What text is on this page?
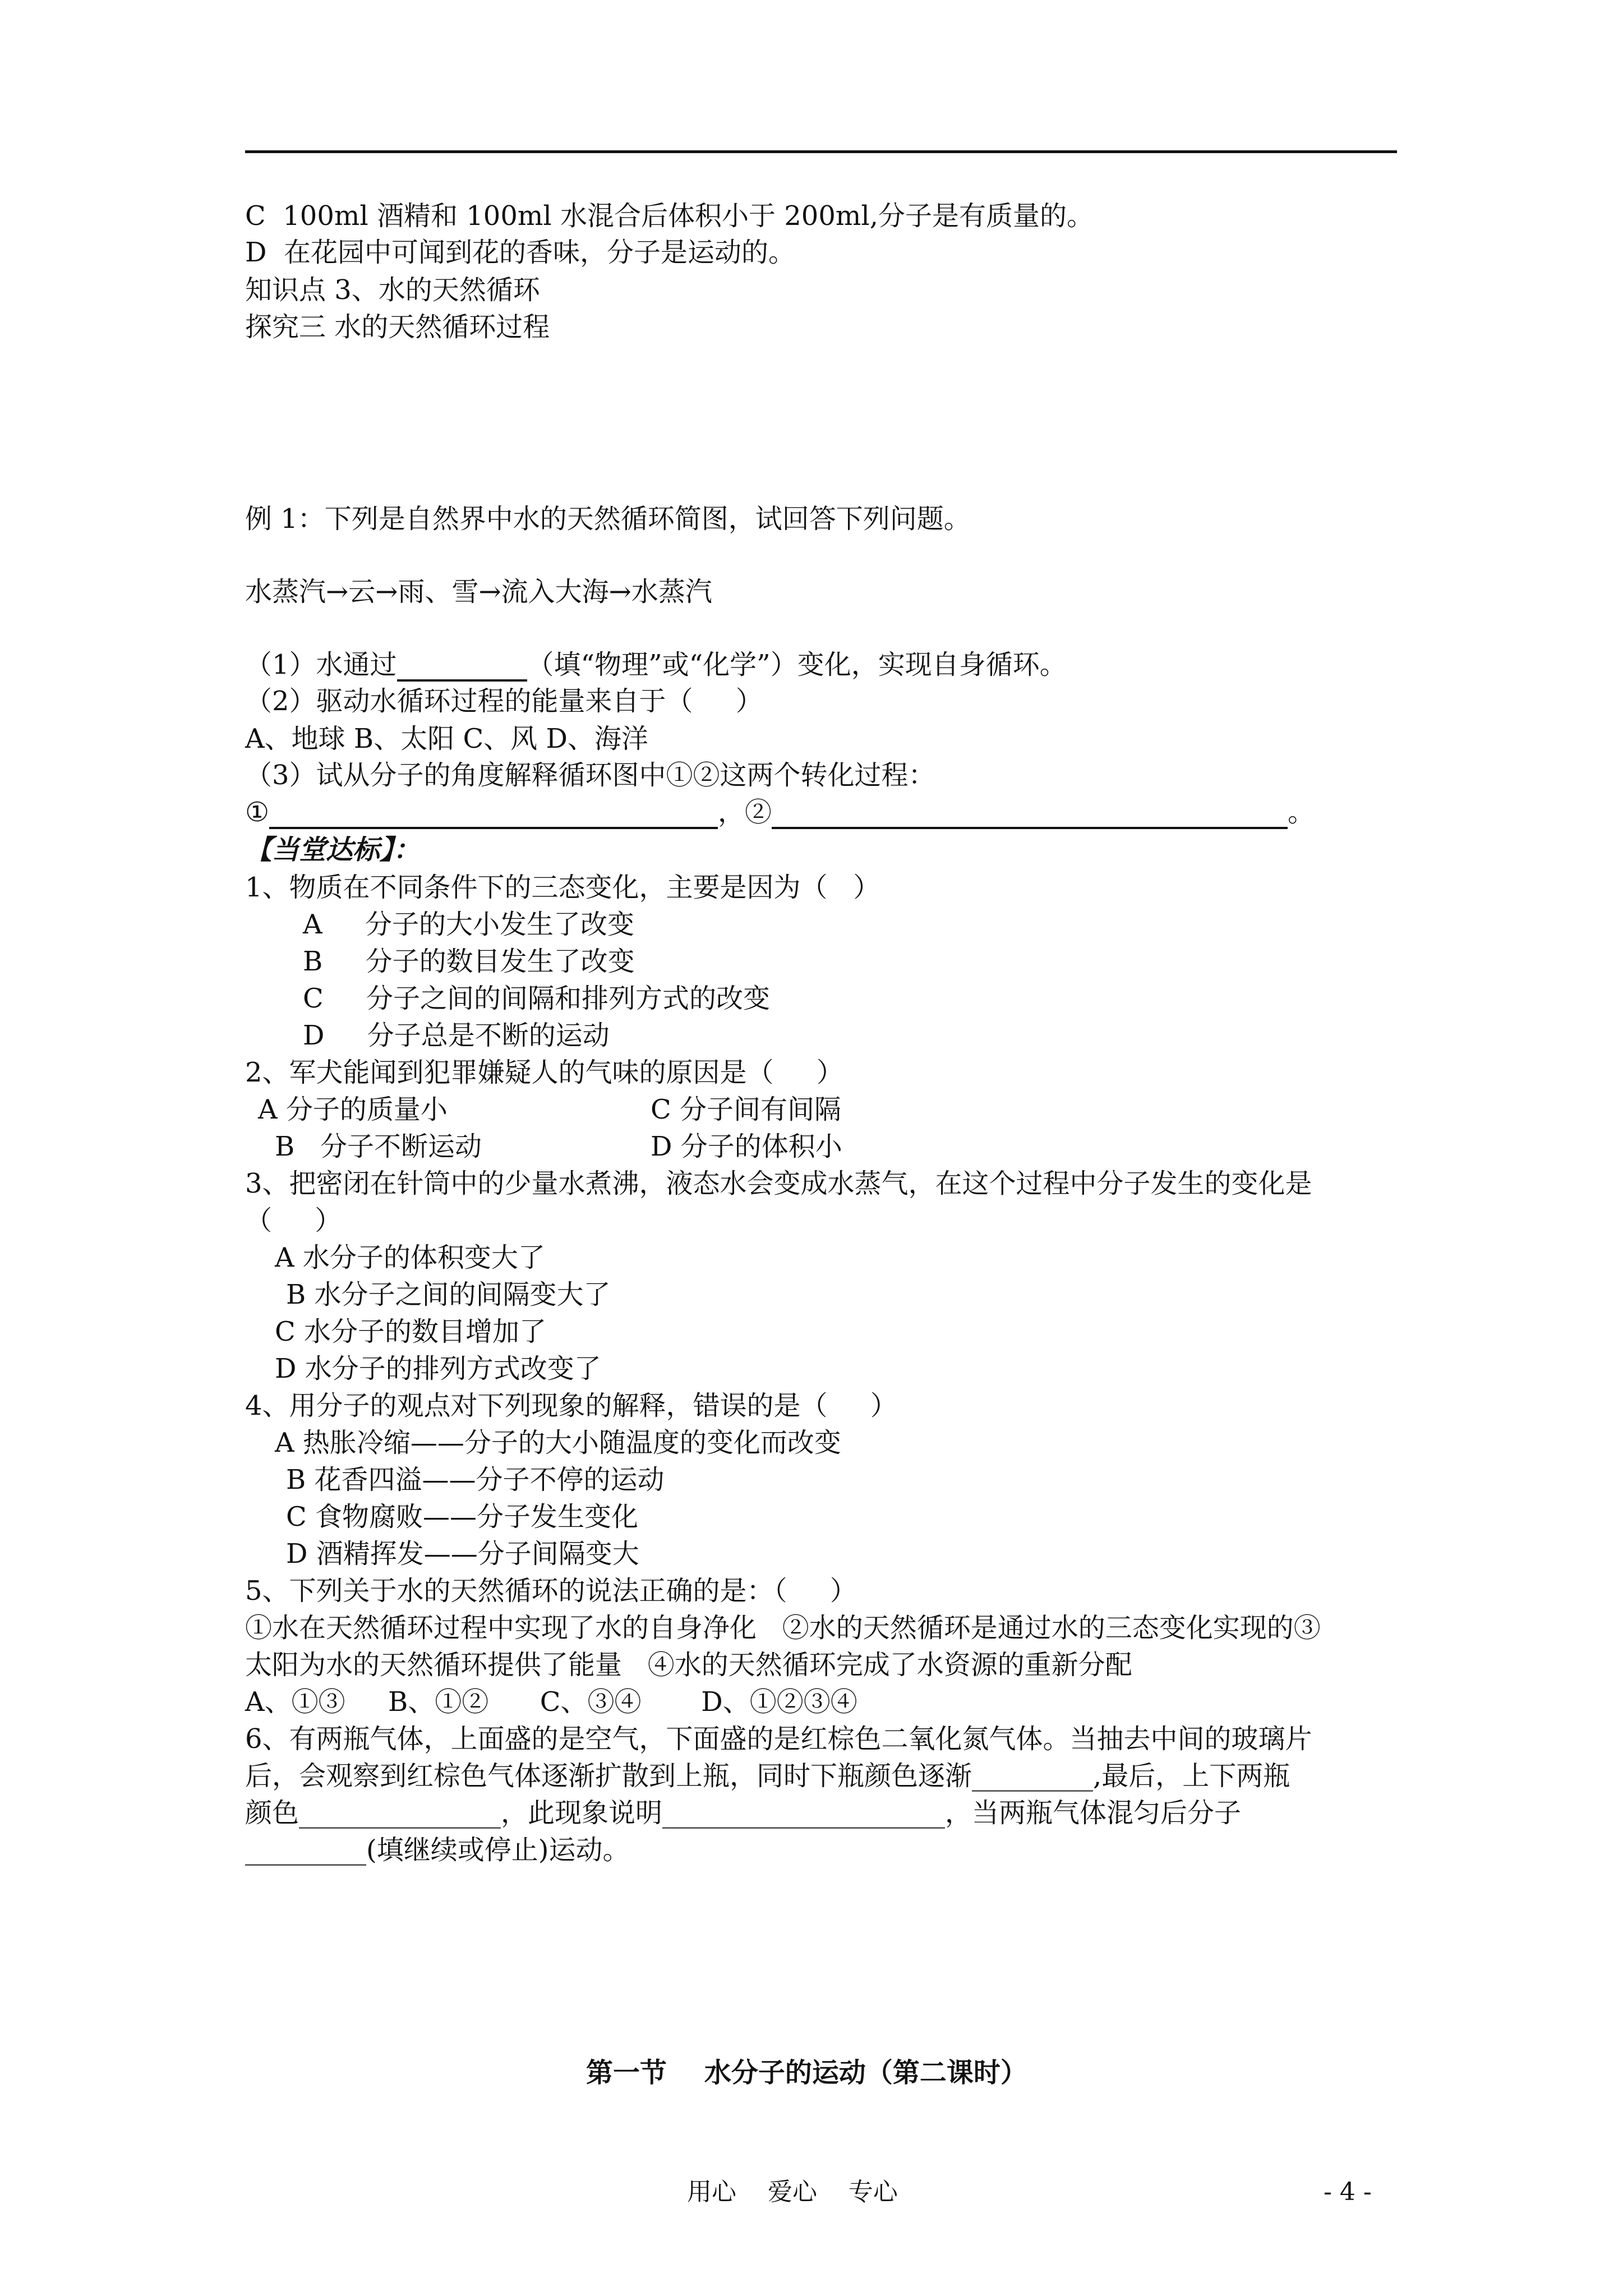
C  100ml 酒精和 100ml 水混合后体积小于 200ml,分子是有质量的。
D  在花园中可闻到花的香味，分子是运动的。
知识点 3、水的天然循环
探究三 水的天然循环过程
例 1：下列是自然界中水的天然循环简图，试回答下列问题。
水蒸汽→云→雨、雪→流入大海→水蒸汽
（1）水通过	（填“物理”或“化学”）变化，实现自身循环。
（2）驱动水循环过程的能量来自于（     ）
A、地球 B、太阳 C、风 D、海洋
（3）试从分子的角度解释循环图中①②这两个转化过程：
①	，②	。
【当堂达标】：
1、物质在不同条件下的三态变化，主要是因为（   ）
A     分子的大小发生了改变
B     分子的数目发生了改变
C     分子之间的间隔和排列方式的改变
D     分子总是不断的运动
2、军犬能闻到犯罪嫌疑人的气味的原因是（     ）
A 分子的质量小	C 分子间有间隔
B   分子不断运动	D 分子的体积小
3、把密闭在针筒中的少量水煮沸，液态水会变成水蒸气，在这个过程中分子发生的变化是
（     ）
A 水分子的体积变大了
B 水分子之间的间隔变大了
C 水分子的数目增加了
D 水分子的排列方式改变了
4、用分子的观点对下列现象的解释，错误的是（     ）
A 热胀冷缩——分子的大小随温度的变化而改变
B 花香四溢——分子不停的运动
C 食物腐败——分子发生变化
D 酒精挥发——分子间隔变大
5、下列关于水的天然循环的说法正确的是：（     ）
①水在天然循环过程中实现了水的自身净化   ②水的天然循环是通过水的三态变化实现的③
太阳为水的天然循环提供了能量   ④水的天然循环完成了水资源的重新分配
A、①③     B、①②      C、③④       D、①②③④
6、有两瓶气体，上面盛的是空气，下面盛的是红棕色二氧化氮气体。当抽去中间的玻璃片
后，会观察到红棕色气体逐渐扩散到上瓶，同时下瓶颜色逐渐_________,最后，上下两瓶
颜色_______________，此现象说明_____________________，当两瓶气体混匀后分子
_________(填继续或停止)运动。
第一节    水分子的运动（第二课时）
用心    爱心    专心	- 4 -
